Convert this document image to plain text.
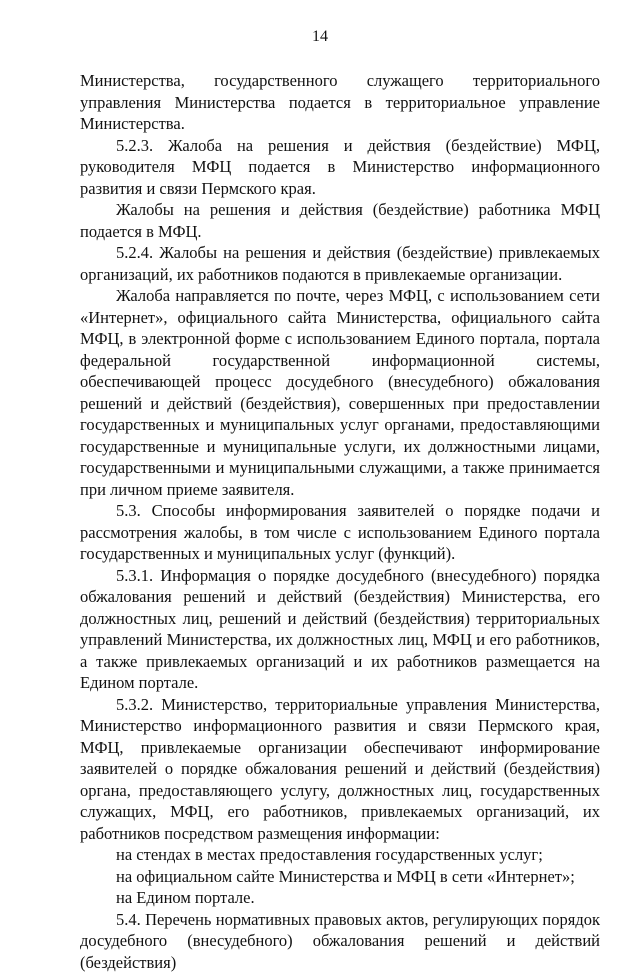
14

Министерства, государственного служащего территориального управления Министерства подается в территориальное управление Министерства.

5.2.3. Жалоба на решения и действия (бездействие) МФЦ, руководителя МФЦ подается в Министерство информационного развития и связи Пермского края.

Жалобы на решения и действия (бездействие) работника МФЦ подается в МФЦ.

5.2.4. Жалобы на решения и действия (бездействие) привлекаемых организаций, их работников подаются в привлекаемые организации.

Жалоба направляется по почте, через МФЦ, с использованием сети «Интернет», официального сайта Министерства, официального сайта МФЦ, в электронной форме с использованием Единого портала, портала федеральной государственной информационной системы, обеспечивающей процесс досудебного (внесудебного) обжалования решений и действий (бездействия), совершенных при предоставлении государственных и муниципальных услуг органами, предоставляющими государственные и муниципальные услуги, их должностными лицами, государственными и муниципальными служащими, а также принимается при личном приеме заявителя.

5.3. Способы информирования заявителей о порядке подачи и рассмотрения жалобы, в том числе с использованием Единого портала государственных и муниципальных услуг (функций).

5.3.1. Информация о порядке досудебного (внесудебного) порядка обжалования решений и действий (бездействия) Министерства, его должностных лиц, решений и действий (бездействия) территориальных управлений Министерства, их должностных лиц, МФЦ и его работников, а также привлекаемых организаций и их работников размещается на Едином портале.

5.3.2. Министерство, территориальные управления Министерства, Министерство информационного развития и связи Пермского края, МФЦ, привлекаемые организации обеспечивают информирование заявителей о порядке обжалования решений и действий (бездействия) органа, предоставляющего услугу, должностных лиц, государственных служащих, МФЦ, его работников, привлекаемых организаций, их работников посредством размещения информации:

на стендах в местах предоставления государственных услуг;

на официальном сайте Министерства и МФЦ в сети «Интернет»;

на Едином портале.

5.4. Перечень нормативных правовых актов, регулирующих порядок досудебного (внесудебного) обжалования решений и действий (бездействия)
